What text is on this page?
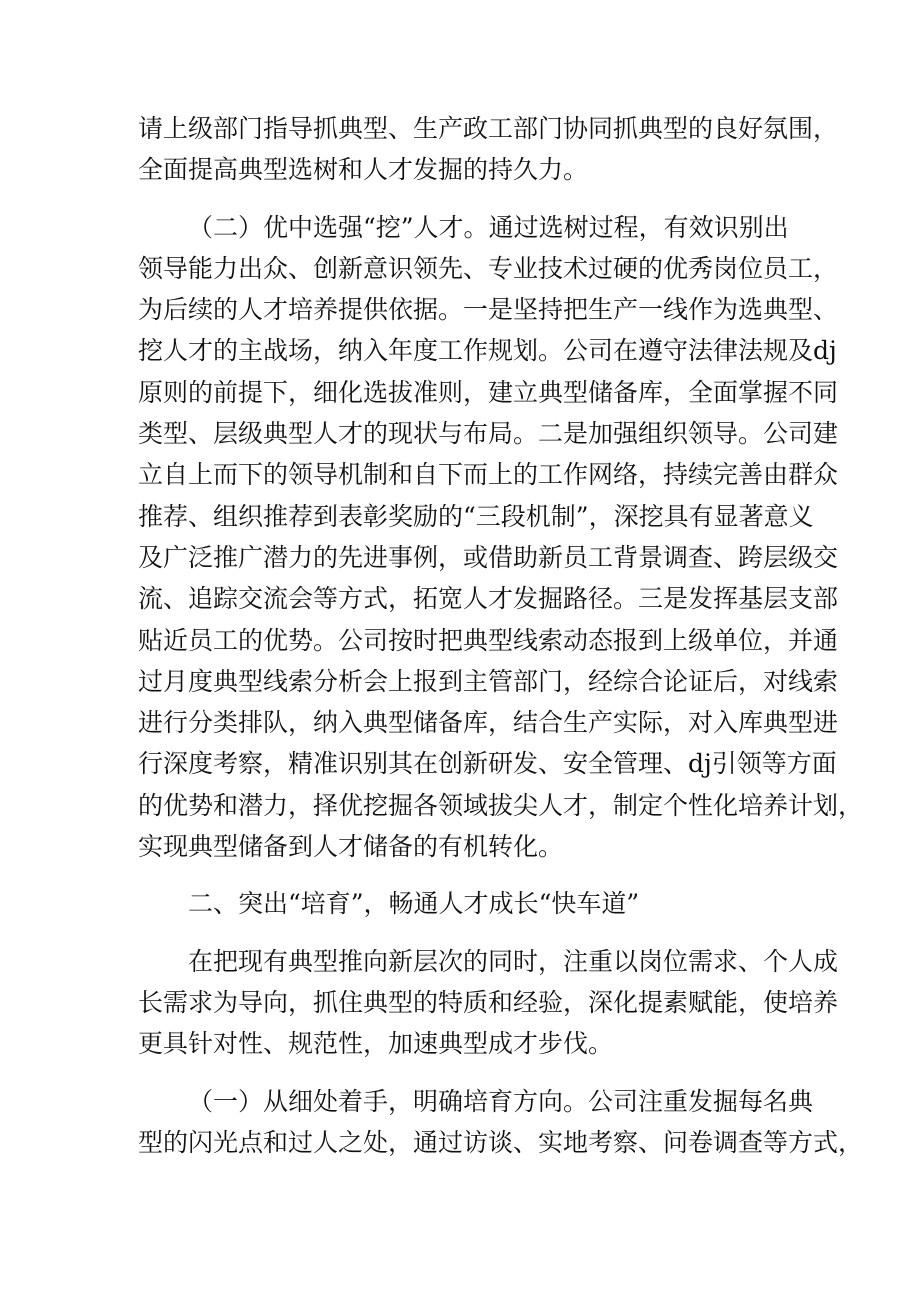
请上级部门指导抓典型、生产政工部门协同抓典型的良好氛围，
全面提高典型选树和人才发掘的持久力。
（二）优中选强“挖”人才。通过选树过程，有效识别出
领导能力出众、创新意识领先、专业技术过硬的优秀岗位员工，
为后续的人才培养提供依据。一是坚持把生产一线作为选典型、
挖人才的主战场，纳入年度工作规划。公司在遵守法律法规及dj
原则的前提下，细化选拔准则，建立典型储备库，全面掌握不同
类型、层级典型人才的现状与布局。二是加强组织领导。公司建
立自上而下的领导机制和自下而上的工作网络，持续完善由群众
推荐、组织推荐到表彰奖励的“三段机制”，深挖具有显著意义
及广泛推广潜力的先进事例，或借助新员工背景调查、跨层级交
流、追踪交流会等方式，拓宽人才发掘路径。三是发挥基层支部
贴近员工的优势。公司按时把典型线索动态报到上级单位，并通
过月度典型线索分析会上报到主管部门，经综合论证后，对线索
进行分类排队，纳入典型储备库，结合生产实际，对入库典型进
行深度考察，精准识别其在创新研发、安全管理、dj引领等方面
的优势和潜力，择优挖掘各领域拔尖人才，制定个性化培养计划，
实现典型储备到人才储备的有机转化。
二、突出“培育”，畅通人才成长“快车道”
在把现有典型推向新层次的同时，注重以岗位需求、个人成
长需求为导向，抓住典型的特质和经验，深化提素赋能，使培养
更具针对性、规范性，加速典型成才步伐。
（一）从细处着手，明确培育方向。公司注重发掘每名典
型的闪光点和过人之处，通过访谈、实地考察、问卷调查等方式，
